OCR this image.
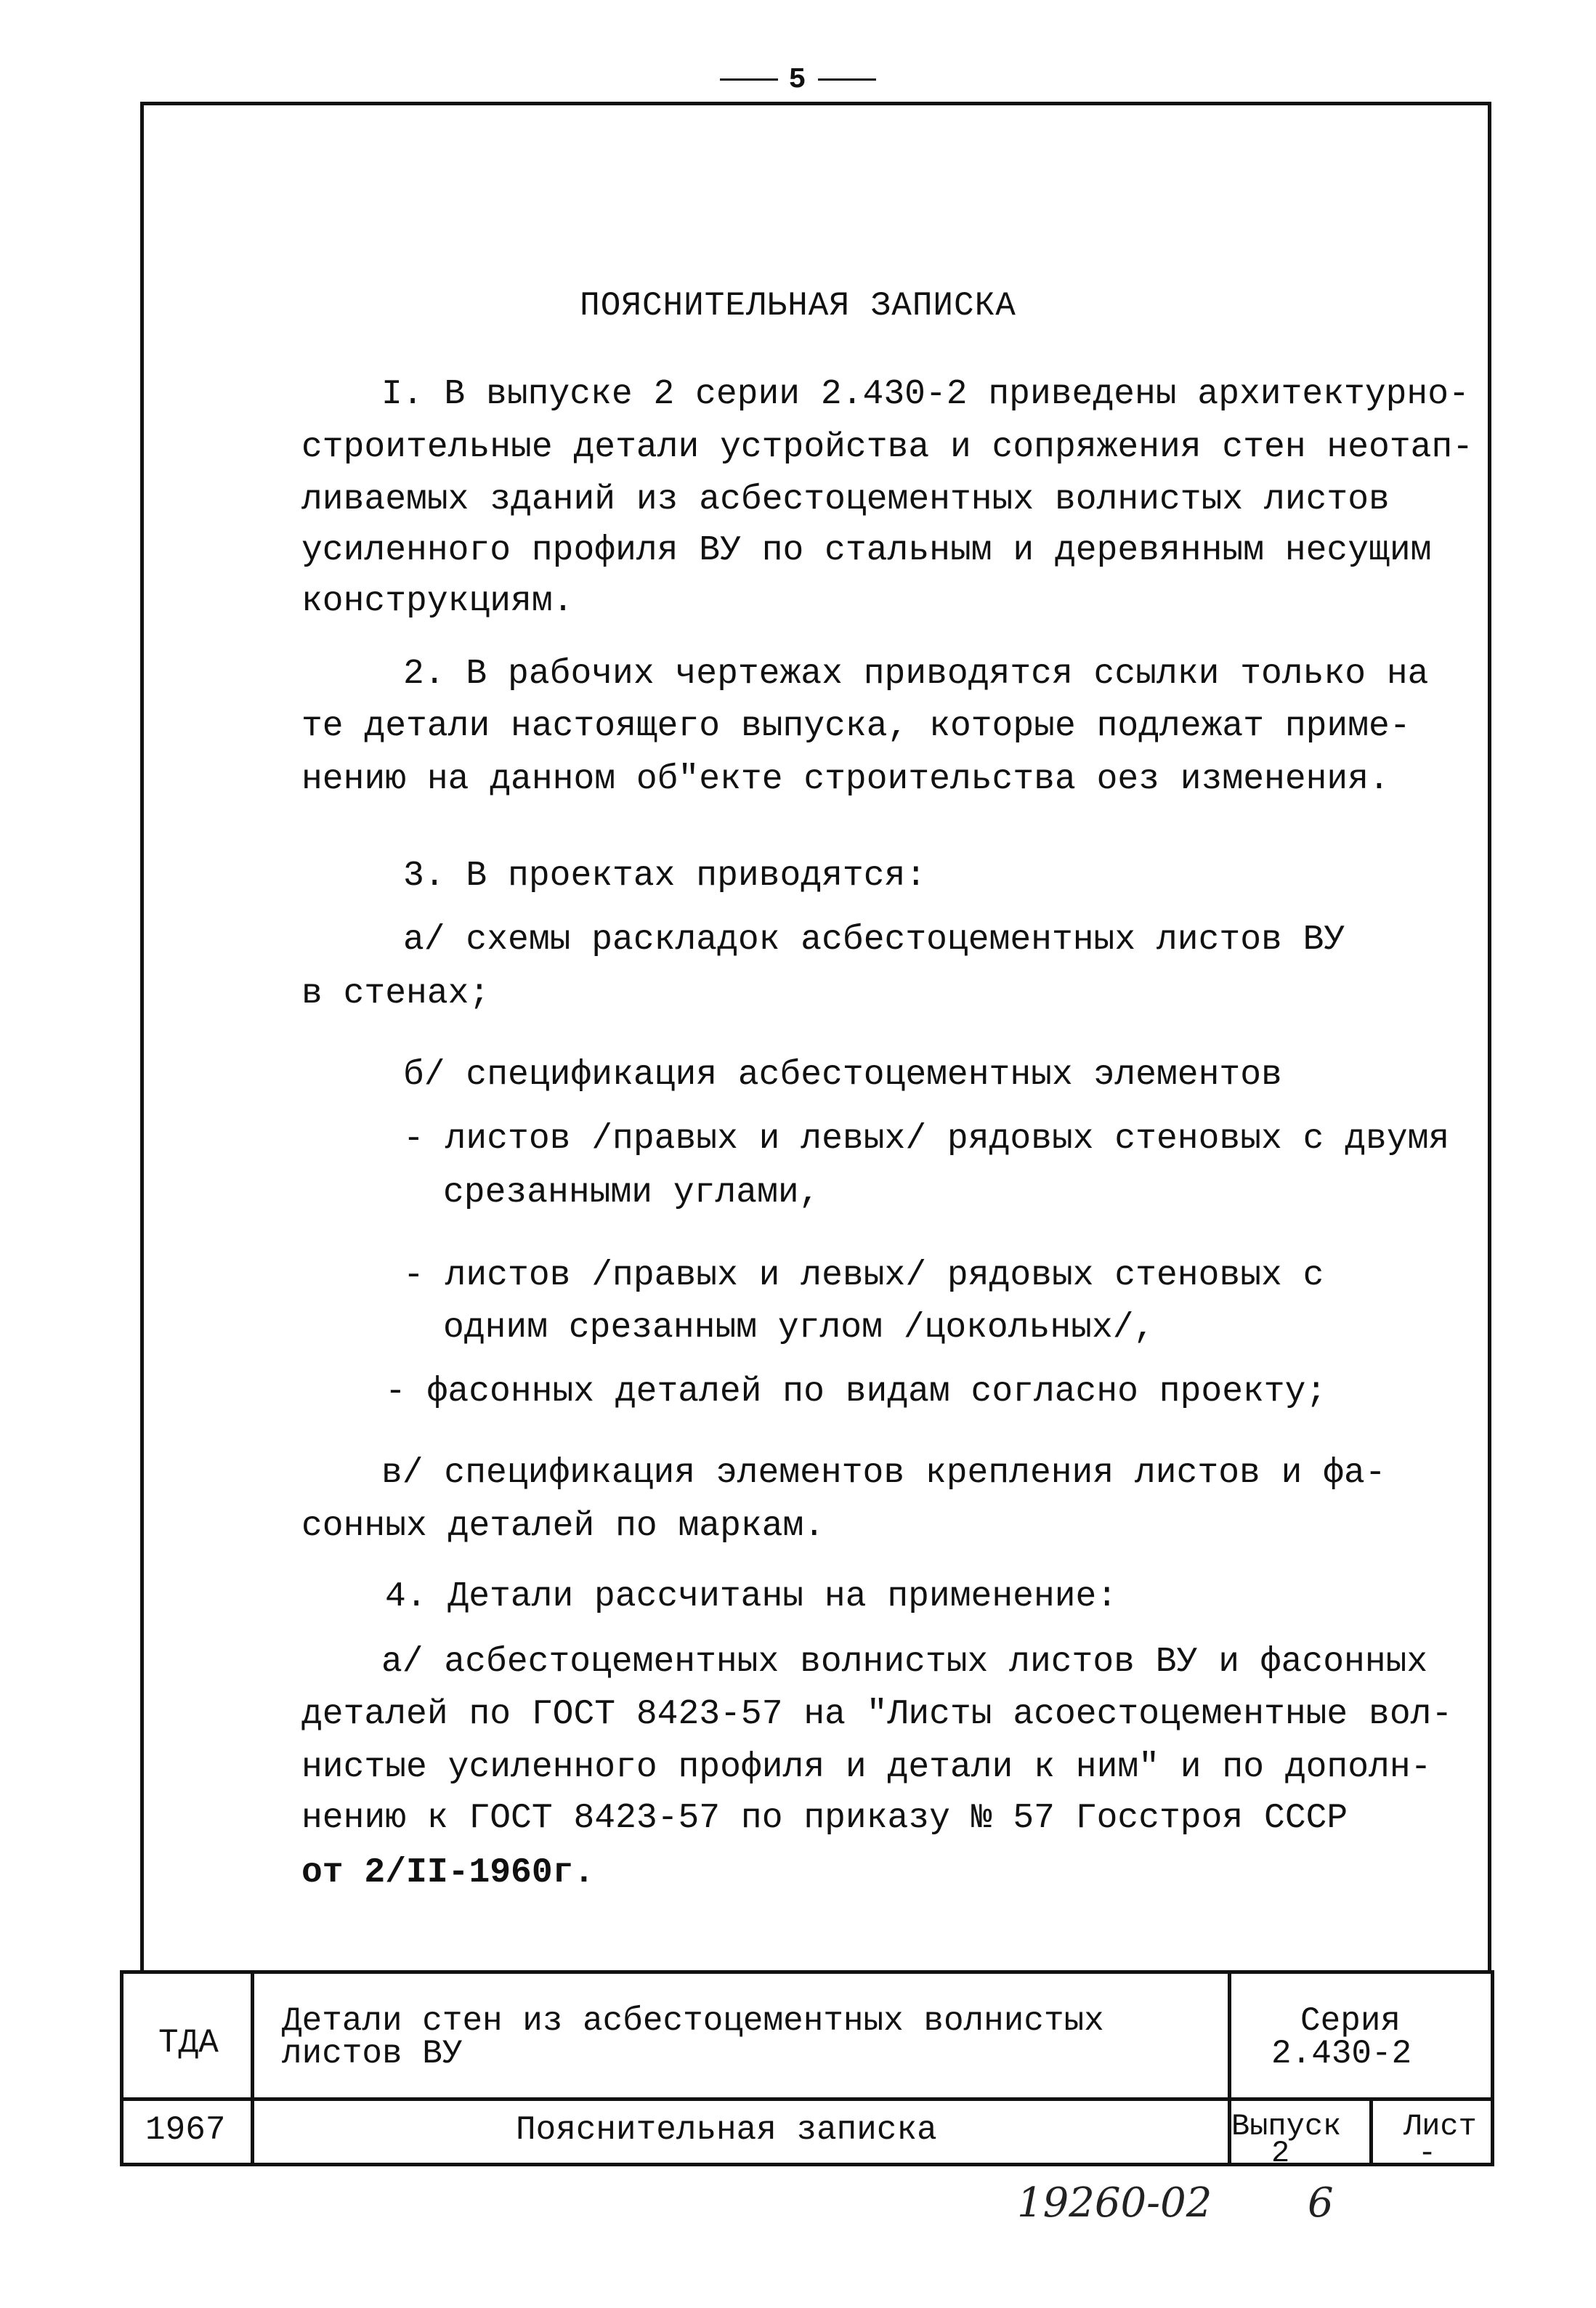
5
ПОЯСНИТЕЛЬНАЯ ЗАПИСКА
I. В выпуске 2 серии 2.430-2 приведены архитектурно-
строительные детали устройства и сопряжения стен неотап-
ливаемых зданий из асбестоцементных волнистых листов
усиленного профиля ВУ по стальным и деревянным несущим
конструкциям.
2. В рабочих чертежах приводятся ссылки только на
те детали настоящего выпуска, которые подлежат приме-
нению на данном об"екте строительства оез изменения.
3. В проектах приводятся:
а/ схемы раскладок асбестоцементных листов ВУ
в стенах;
б/ спецификация асбестоцементных элементов
- листов /правых и левых/ рядовых стеновых с двумя
срезанными углами,
- листов /правых и левых/ рядовых стеновых с
одним срезанным углом /цокольных/,
- фасонных деталей по видам согласно проекту;
в/ спецификация элементов крепления листов и фа-
сонных деталей по маркам.
4. Детали рассчитаны на применение:
а/ асбестоцементных волнистых листов ВУ и фасонных
деталей по ГОСТ 8423-57 на "Листы асоестоцементные вол-
нистые усиленного профиля и детали к ним" и по дополн-
нению к ГОСТ 8423-57 по приказу № 57 Госстроя СССР
от 2/II-1960г.
ТДА
1967
Детали стен из асбестоцементных волнистых
листов ВУ
Серия
2.430-2
Пояснительная записка	Выпуск
2
Лист
-
19260-02 6
